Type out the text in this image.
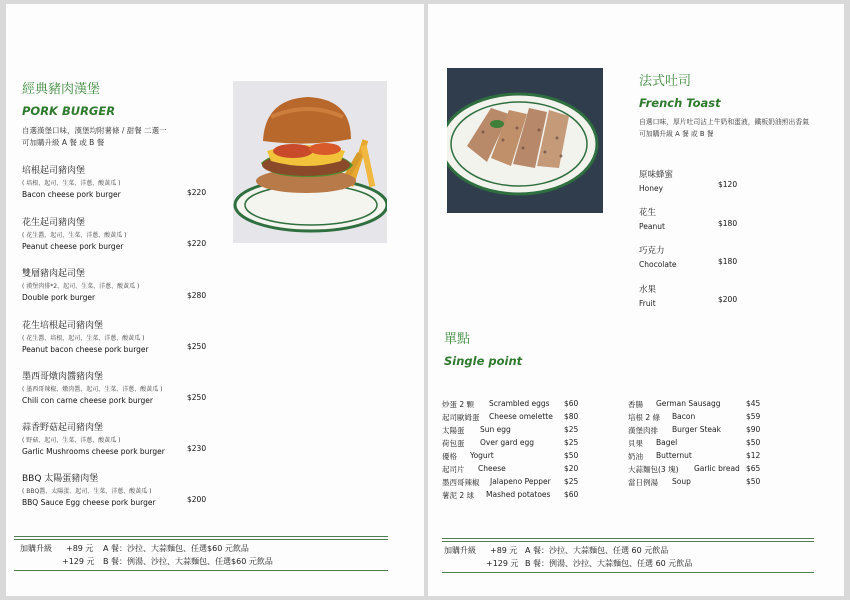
經典豬肉漢堡
PORK BURGER
自選漢堡口味，漢堡均附薯條 / 甜餐 二選一
可加購升級 A 餐 或 B 餐
培根起司豬肉堡
( 培根、起司、生菜、洋蔥、酸黃瓜 )
Bacon cheese pork burger	$220
花生起司豬肉堡
( 花生醬、起司、生菜、洋蔥、酸黃瓜 )
Peanut cheese pork burger	$220
雙層豬肉起司堡
( 漢堡肉排*2、起司、生菜、洋蔥、酸黃瓜 )
Double pork burger	$280
花生培根起司豬肉堡
( 花生醬、培根、起司、生菜、洋蔥、酸黃瓜 )
Peanut bacon cheese pork burger	$250
墨西哥燉肉醬豬肉堡
( 墨西哥辣椒、燉肉醬、起司、生菜、洋蔥、酸黃瓜 )
Chili con carne cheese pork burger	$250
蒜香野菇起司豬肉堡
( 野菇、起司、生菜、洋蔥、酸黃瓜 )
Garlic Mushrooms cheese pork burger	$230
BBQ 太陽蛋豬肉堡
( BBQ醬、太陽蛋、起司、生菜、洋蔥、酸黃瓜 )
BBQ Sauce Egg cheese pork burger	$200
加購升級 +89 元 A 餐：沙拉、大蒜麵包、任選$60 元飲品
+129 元 B 餐：例湯、沙拉、大蒜麵包、任選$60 元飲品
法式吐司
French Toast
自選口味，厚片吐司沾上牛奶和蛋液，鐵板奶油煎出香氣
可加購升級 A 餐 或 B 餐
原味蜂蜜
Honey	$120
花生
Peanut	$180
巧克力
Chocolate	$180
水果
Fruit	$200
單點
Single point
炒蛋 2 顆 Scrambled eggs $60
起司歐姆蛋 Cheese omelette $80
太陽蛋 Sun egg	$25
荷包蛋 Over gard egg	$25
優格 Yogurt	$50
起司片 Cheese	$20
墨西哥辣椒 Jalapeno Pepper $25
薯泥 2 球 Mashed potatoes $60
香腸 German Sausagg	$45
培根 2 條 Bacon	$59
漢堡肉排 Burger Steak	$90
貝果 Bagel	$50
奶油 Butternut	$12
大蒜麵包(3 塊) Garlic bread $65
當日例湯 Soup	$50
加購升級 +89 元 A 餐：沙拉、大蒜麵包、任選 60 元飲品
+129 元 B 餐：例湯、沙拉、大蒜麵包、任選 60 元飲品
